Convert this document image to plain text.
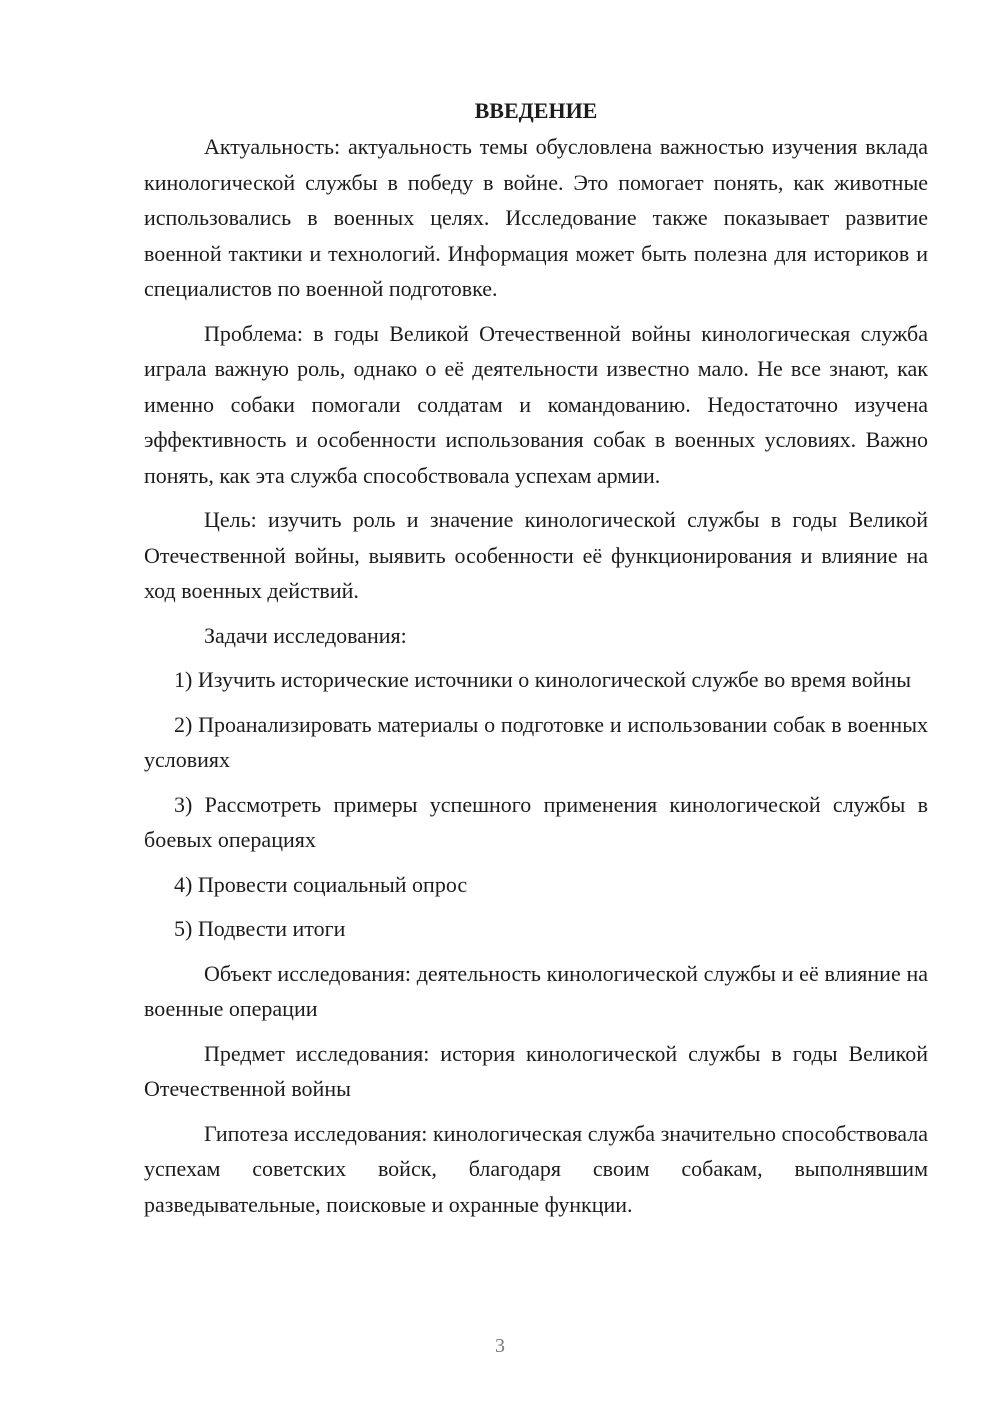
ВВЕДЕНИЕ

Актуальность: актуальность темы обусловлена важностью изучения вклада кинологической службы в победу в войне. Это помогает понять, как животные использовались в военных целях. Исследование также показывает развитие военной тактики и технологий. Информация может быть полезна для историков и специалистов по военной подготовке.

Проблема: в годы Великой Отечественной войны кинологическая служба играла важную роль, однако о её деятельности известно мало. Не все знают, как именно собаки помогали солдатам и командованию. Недостаточно изучена эффективность и особенности использования собак в военных условиях. Важно понять, как эта служба способствовала успехам армии.

Цель: изучить роль и значение кинологической службы в годы Великой Отечественной войны, выявить особенности её функционирования и влияние на ход военных действий.

Задачи исследования:

1) Изучить исторические источники о кинологической службе во время войны

2) Проанализировать материалы о подготовке и использовании собак в военных условиях

3) Рассмотреть примеры успешного применения кинологической службы в боевых операциях

4) Провести социальный опрос

5) Подвести итоги

Объект исследования: деятельность кинологической службы и её влияние на военные операции

Предмет исследования: история кинологической службы в годы Великой Отечественной войны

Гипотеза исследования: кинологическая служба значительно способствовала успехам советских войск, благодаря своим собакам, выполнявшим разведывательные, поисковые и охранные функции.

3
